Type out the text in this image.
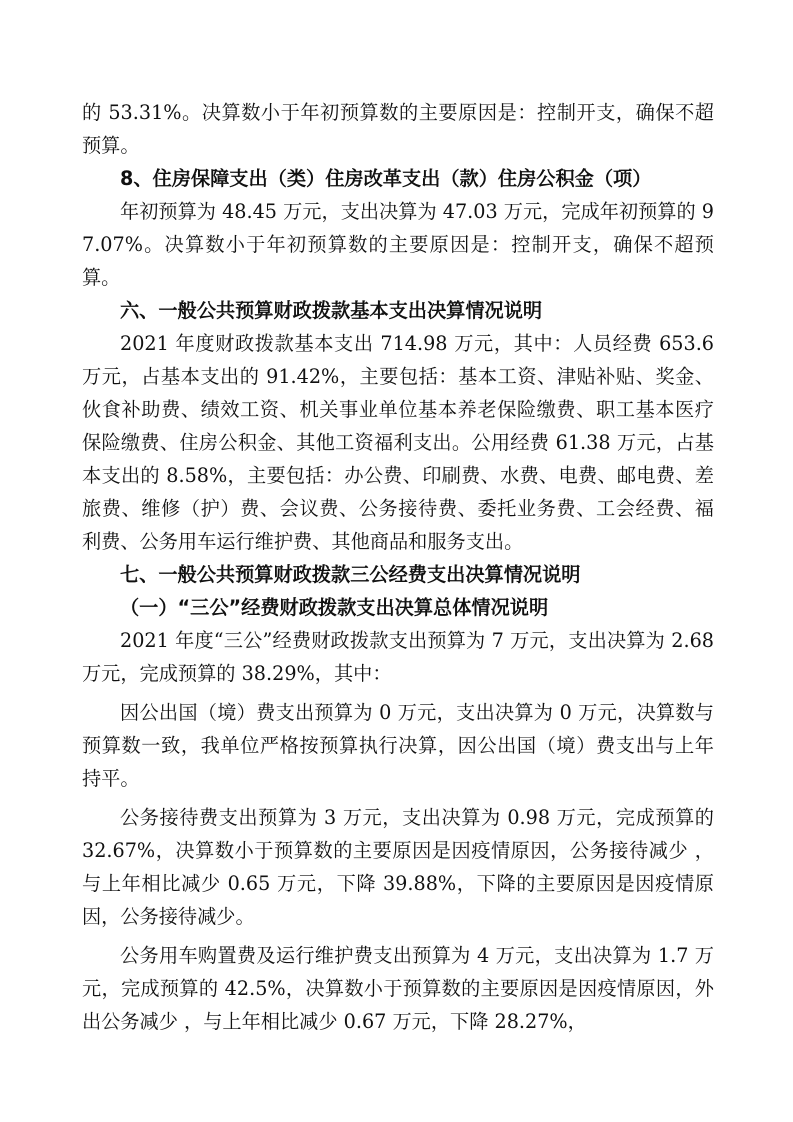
的 53.31%。决算数小于年初预算数的主要原因是：控制开支，确保不超预算。

8、住房保障支出（类）住房改革支出（款）住房公积金（项）

年初预算为 48.45 万元，支出决算为 47.03 万元，完成年初预算的 97.07%。决算数小于年初预算数的主要原因是：控制开支，确保不超预算。

六、一般公共预算财政拨款基本支出决算情况说明

2021 年度财政拨款基本支出 714.98 万元，其中：人员经费 653.6 万元，占基本支出的 91.42%，主要包括：基本工资、津贴补贴、奖金、伙食补助费、绩效工资、机关事业单位基本养老保险缴费、职工基本医疗保险缴费、住房公积金、其他工资福利支出。公用经费 61.38 万元，占基本支出的 8.58%，主要包括：办公费、印刷费、水费、电费、邮电费、差旅费、维修（护）费、会议费、公务接待费、委托业务费、工会经费、福利费、公务用车运行维护费、其他商品和服务支出。

七、一般公共预算财政拨款三公经费支出决算情况说明

（一）“三公”经费财政拨款支出决算总体情况说明

2021 年度“三公”经费财政拨款支出预算为 7 万元，支出决算为 2.68 万元，完成预算的 38.29%，其中：

因公出国（境）费支出预算为 0 万元，支出决算为 0 万元，决算数与预算数一致，我单位严格按预算执行决算，因公出国（境）费支出与上年持平。

公务接待费支出预算为 3 万元，支出决算为 0.98 万元，完成预算的 32.67%，决算数小于预算数的主要原因是因疫情原因，公务接待减少 ，与上年相比减少 0.65 万元，下降 39.88%，下降的主要原因是因疫情原因，公务接待减少。

公务用车购置费及运行维护费支出预算为 4 万元，支出决算为 1.7 万元，完成预算的 42.5%，决算数小于预算数的主要原因是因疫情原因，外出公务减少 ，与上年相比减少 0.67 万元，下降 28.27%，
